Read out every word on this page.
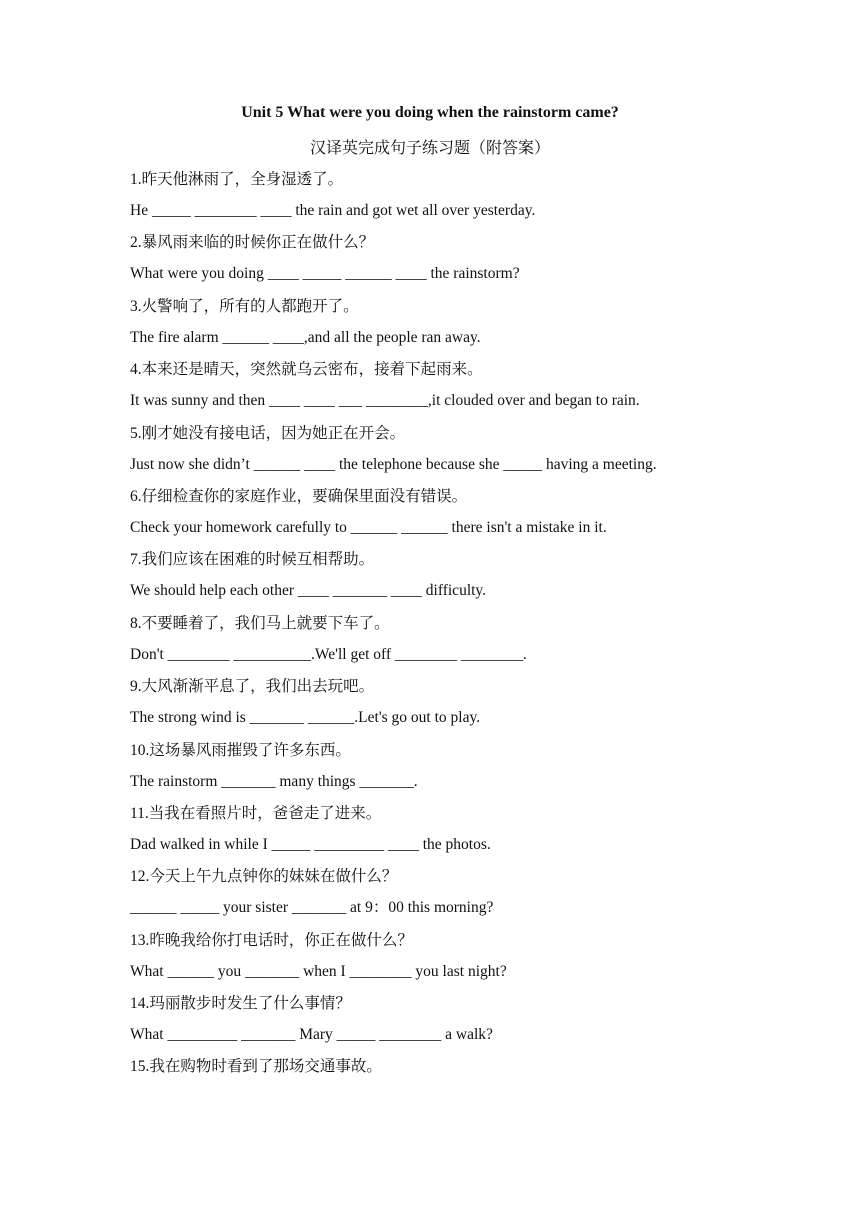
Unit 5 What were you doing when the rainstorm came?
汉译英完成句子练习题（附答案）
1.昨天他淋雨了，全身湿透了。
He _____ ________ ____ the rain and got wet all over yesterday.
2.暴风雨来临的时候你正在做什么？
What were you doing ____ _____ ______ ____ the rainstorm?
3.火警响了，所有的人都跑开了。
The fire alarm ______ ____,and all the people ran away.
4.本来还是晴天，突然就乌云密布，接着下起雨来。
It was sunny and then ____ ____ ___ ________,it clouded over and began to rain.
5.刚才她没有接电话，因为她正在开会。
Just now she didn’t ______ ____ the telephone because she _____ having a meeting.
6.仔细检查你的家庭作业，要确保里面没有错误。
Check your homework carefully to ______ ______ there isn't a mistake in it.
7.我们应该在困难的时候互相帮助。
We should help each other ____ _______ ____ difficulty.
8.不要睡着了，我们马上就要下车了。
Don't ________ __________.We'll get off ________ ________.
9.大风渐渐平息了，我们出去玩吧。
The strong wind is _______ ______.Let's go out to play.
10.这场暴风雨摧毁了许多东西。
The rainstorm _______ many things _______.
11.当我在看照片时，爸爸走了进来。
Dad walked in while I _____ _________ ____ the photos.
12.今天上午九点钟你的妹妹在做什么？
______ _____ your sister _______ at 9：00 this morning?
13.昨晚我给你打电话时，你正在做什么？
What ______ you _______ when I ________ you last night?
14.玛丽散步时发生了什么事情？
What _________ _______ Mary _____ ________ a walk?
15.我在购物时看到了那场交通事故。
